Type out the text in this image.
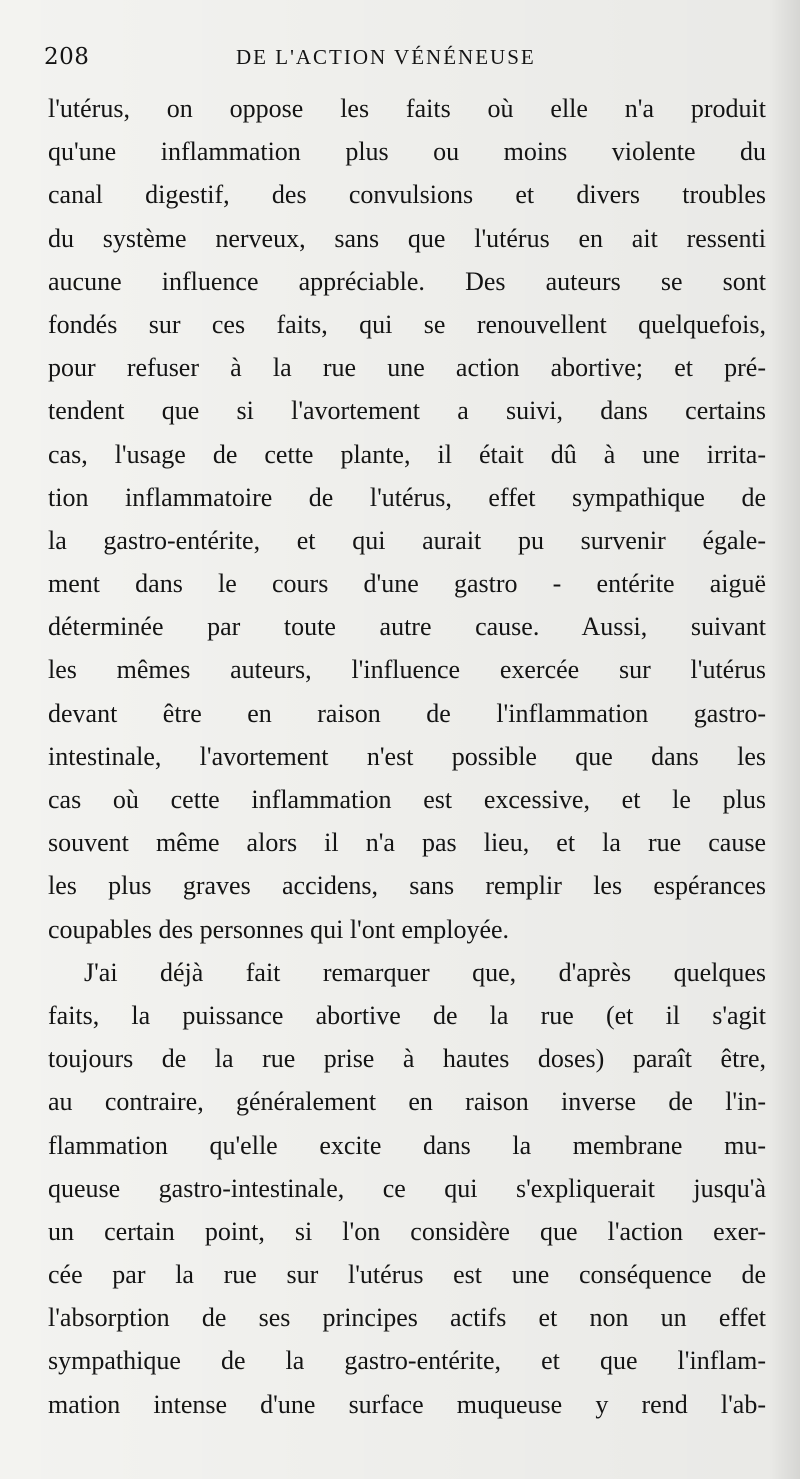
208	DE L'ACTION VÉNÉNEUSE
l'utérus, on oppose les faits où elle n'a produit
qu'une inflammation plus ou moins violente du
canal digestif, des convulsions et divers troubles
du système nerveux, sans que l'utérus en ait ressenti
aucune influence appréciable. Des auteurs se sont
fondés sur ces faits, qui se renouvellent quelquefois,
pour refuser à la rue une action abortive; et pré-
tendent que si l'avortement a suivi, dans certains
cas, l'usage de cette plante, il était dû à une irrita-
tion inflammatoire de l'utérus, effet sympathique de
la gastro-entérite, et qui aurait pu survenir égale-
ment dans le cours d'une gastro - entérite aiguë
déterminée par toute autre cause. Aussi, suivant
les mêmes auteurs, l'influence exercée sur l'utérus
devant être en raison de l'inflammation gastro-
intestinale, l'avortement n'est possible que dans les
cas où cette inflammation est excessive, et le plus
souvent même alors il n'a pas lieu, et la rue cause
les plus graves accidens, sans remplir les espérances
coupables des personnes qui l'ont employée.
J'ai déjà fait remarquer que, d'après quelques
faits, la puissance abortive de la rue (et il s'agit
toujours de la rue prise à hautes doses) paraît être,
au contraire, généralement en raison inverse de l'in-
flammation qu'elle excite dans la membrane mu-
queuse gastro-intestinale, ce qui s'expliquerait jusqu'à
un certain point, si l'on considère que l'action exer-
cée par la rue sur l'utérus est une conséquence de
l'absorption de ses principes actifs et non un effet
sympathique de la gastro-entérite, et que l'inflam-
mation intense d'une surface muqueuse y rend l'ab-
